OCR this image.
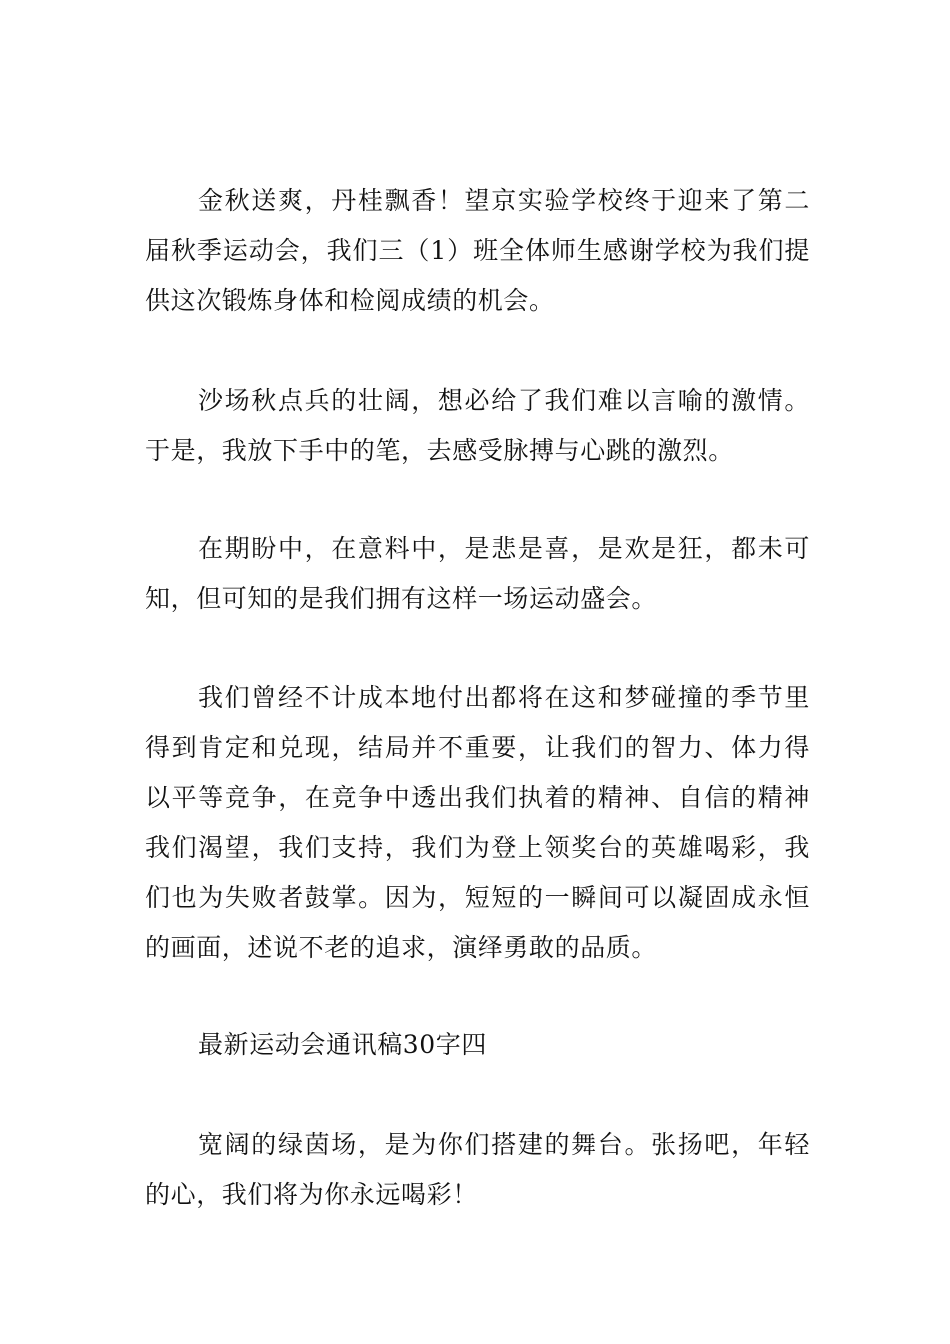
金秋送爽，丹桂飘香！望京实验学校终于迎来了第二届秋季运动会，我们三（1）班全体师生感谢学校为我们提供这次锻炼身体和检阅成绩的机会。

沙场秋点兵的壮阔，想必给了我们难以言喻的激情。于是，我放下手中的笔，去感受脉搏与心跳的激烈。

在期盼中，在意料中，是悲是喜，是欢是狂，都未可知，但可知的是我们拥有这样一场运动盛会。

我们曾经不计成本地付出都将在这和梦碰撞的季节里得到肯定和兑现，结局并不重要，让我们的智力、体力得以平等竞争，在竞争中透出我们执着的精神、自信的精神我们渴望，我们支持，我们为登上领奖台的英雄喝彩，我们也为失败者鼓掌。因为，短短的一瞬间可以凝固成永恒的画面，述说不老的追求，演绎勇敢的品质。

最新运动会通讯稿30字四

宽阔的绿茵场，是为你们搭建的舞台。张扬吧，年轻的心，我们将为你永远喝彩！
